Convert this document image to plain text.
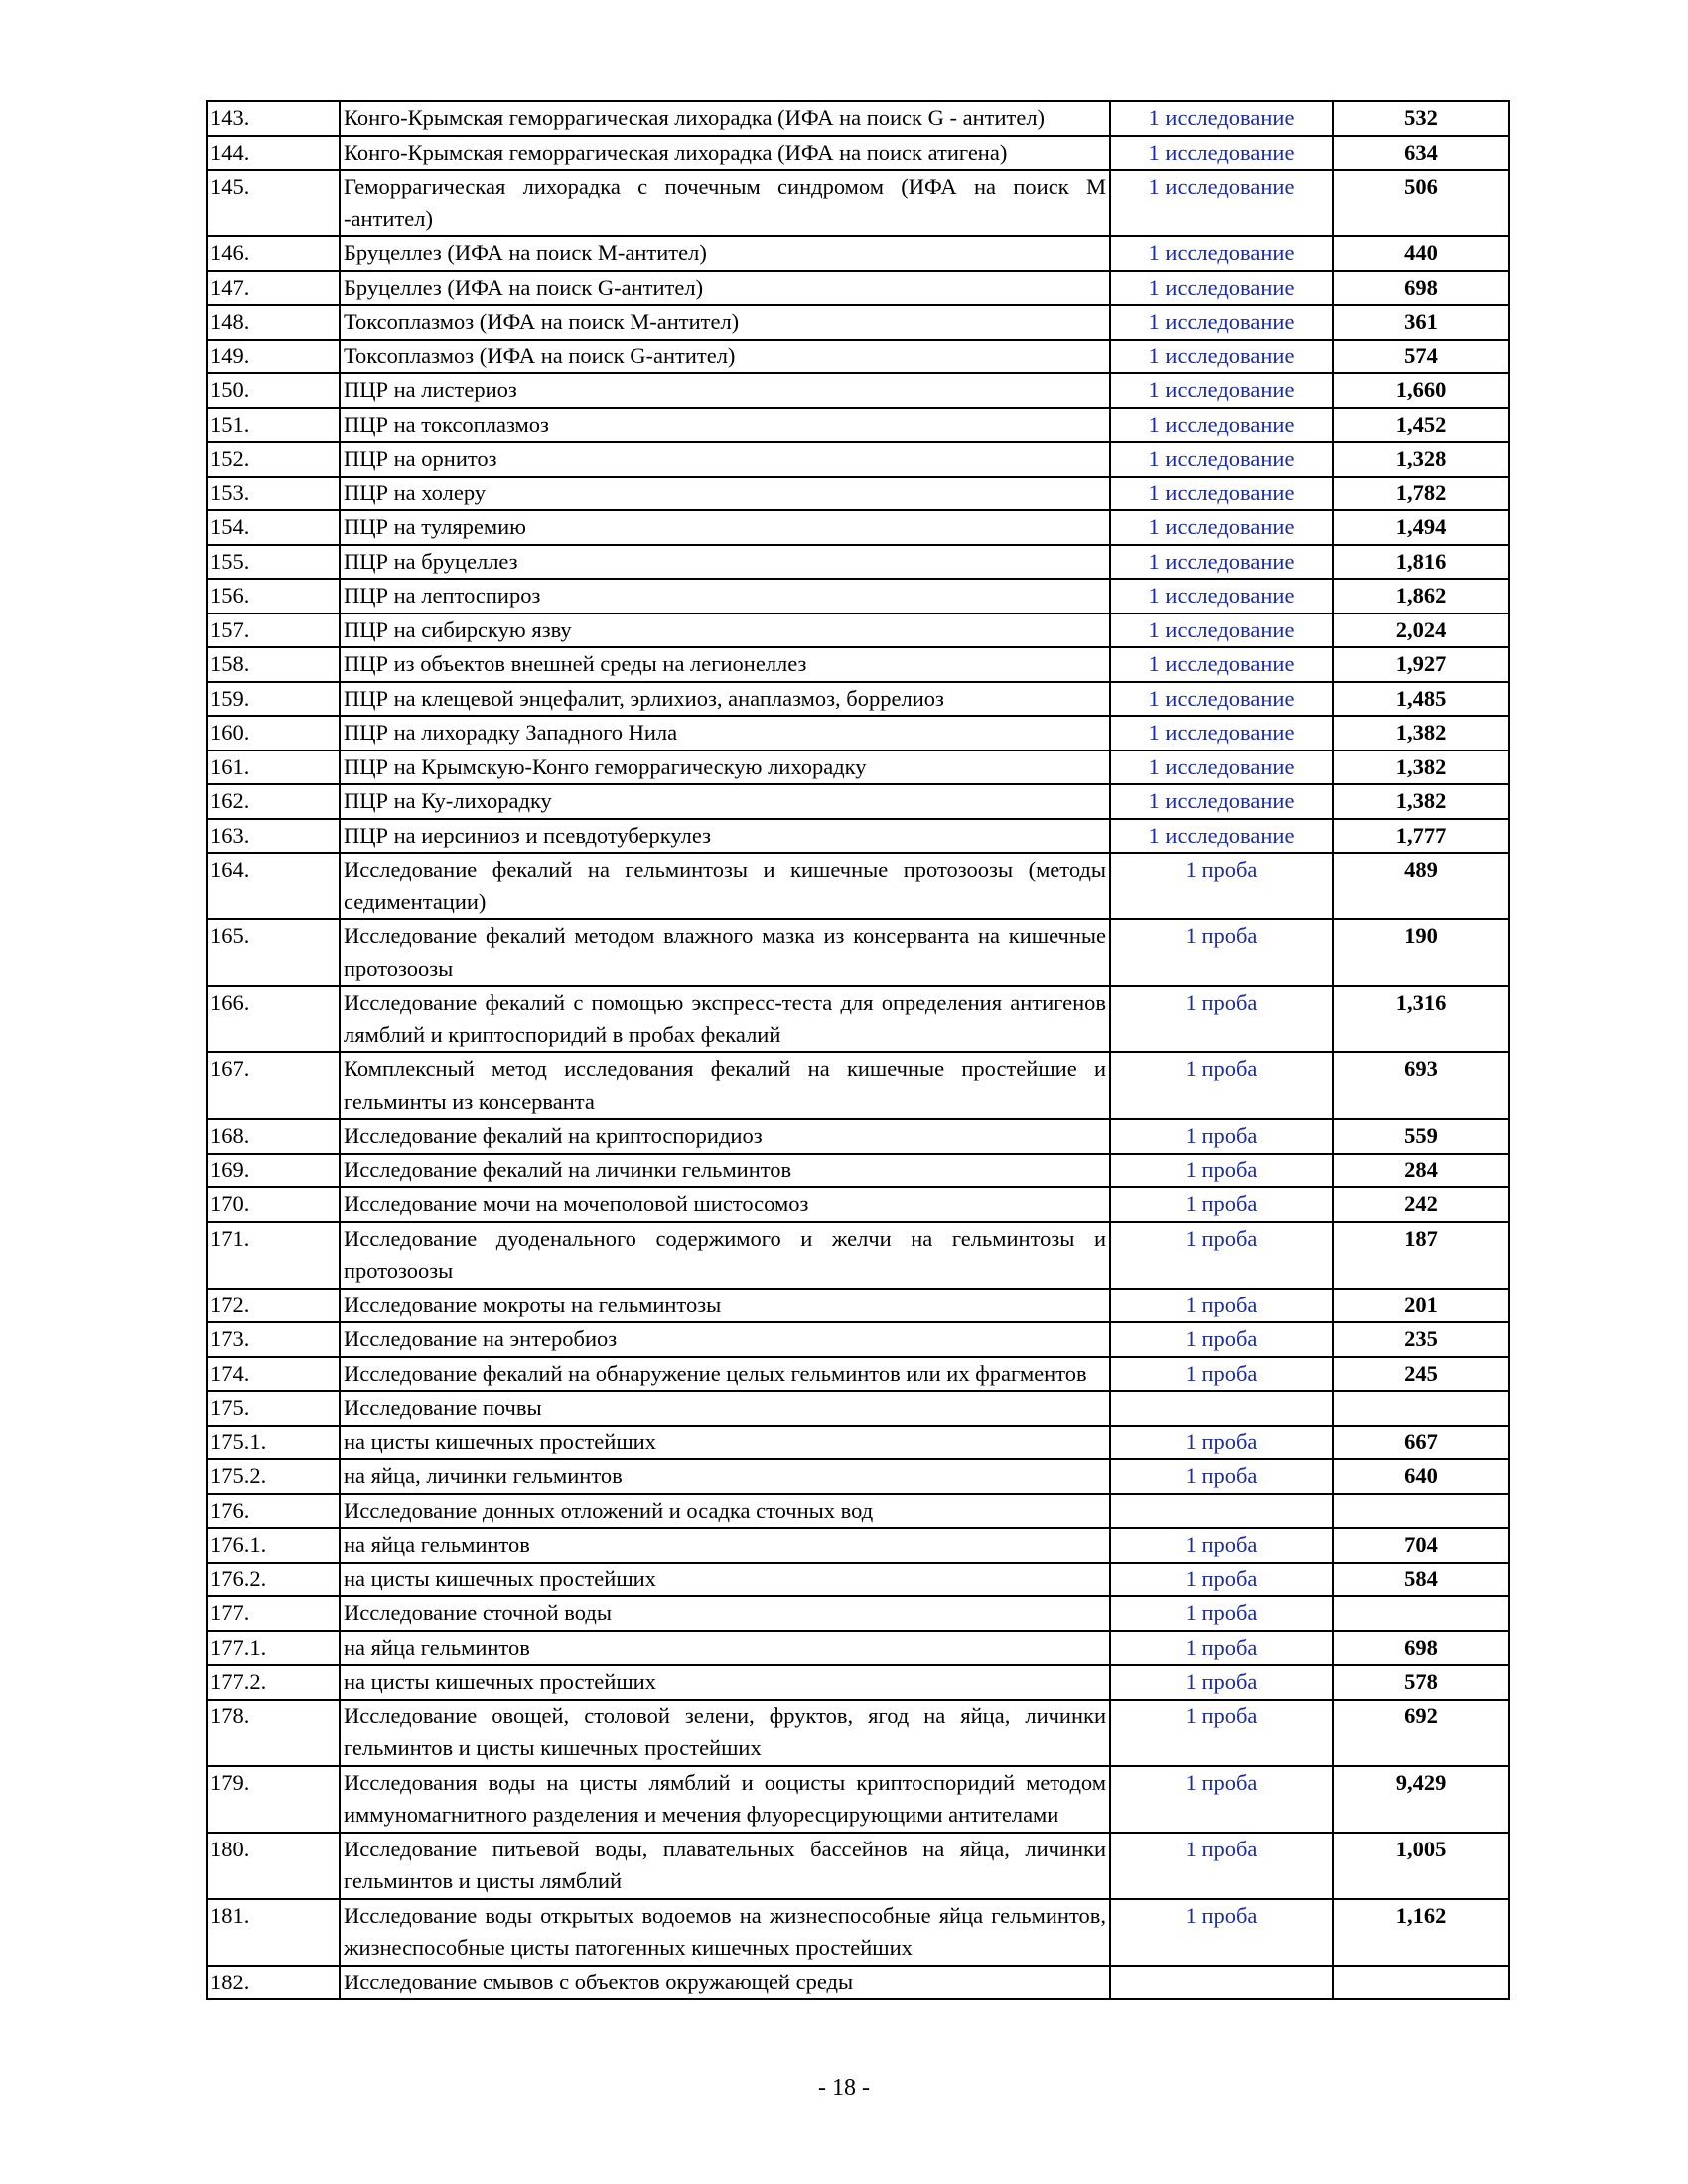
143.	Конго-Крымская геморрагическая лихорадка (ИФА на поиск G - антител)	1 исследование	532
144.	Конго-Крымская геморрагическая лихорадка (ИФА на поиск атигена)	1 исследование	634
145.	Геморрагическая лихорадка с почечным синдромом (ИФА на поиск М -антител)	1 исследование	506
146.	Бруцеллез (ИФА на поиск М-антител)	1 исследование	440
147.	Бруцеллез (ИФА на поиск G-антител)	1 исследование	698
148.	Токсоплазмоз (ИФА на поиск М-антител)	1 исследование	361
149.	Токсоплазмоз (ИФА на поиск G-антител)	1 исследование	574
150.	ПЦР на листериоз	1 исследование	1,660
151.	ПЦР на токсоплазмоз	1 исследование	1,452
152.	ПЦР на орнитоз	1 исследование	1,328
153.	ПЦР на холеру	1 исследование	1,782
154.	ПЦР на туляремию	1 исследование	1,494
155.	ПЦР на бруцеллез	1 исследование	1,816
156.	ПЦР на лептоспироз	1 исследование	1,862
157.	ПЦР на сибирскую язву	1 исследование	2,024
158.	ПЦР из объектов внешней среды на легионеллез	1 исследование	1,927
159.	ПЦР на клещевой энцефалит, эрлихиоз, анаплазмоз, боррелиоз	1 исследование	1,485
160.	ПЦР на лихорадку Западного Нила	1 исследование	1,382
161.	ПЦР на Крымскую-Конго геморрагическую лихорадку	1 исследование	1,382
162.	ПЦР на Ку-лихорадку	1 исследование	1,382
163.	ПЦР на иерсиниоз и псевдотуберкулез	1 исследование	1,777
164.	Исследование фекалий на гельминтозы и кишечные протозоозы (методы седиментации)	1 проба	489
165.	Исследование фекалий методом влажного мазка из консерванта на кишечные протозоозы	1 проба	190
166.	Исследование фекалий с помощью экспресс-теста для определения антигенов лямблий и криптоспоридий в пробах фекалий	1 проба	1,316
167.	Комплексный метод исследования фекалий на кишечные простейшие и гельминты из консерванта	1 проба	693
168.	Исследование фекалий на криптоспоридиоз	1 проба	559
169.	Исследование фекалий на личинки гельминтов	1 проба	284
170.	Исследование мочи на мочеполовой шистосомоз	1 проба	242
171.	Исследование дуоденального содержимого и желчи на гельминтозы и протозоозы	1 проба	187
172.	Исследование мокроты на гельминтозы	1 проба	201
173.	Исследование на энтеробиоз	1 проба	235
174.	Исследование фекалий на обнаружение целых гельминтов или их фрагментов	1 проба	245
175.	Исследование почвы		
175.1.	на цисты кишечных простейших	1 проба	667
175.2.	на яйца, личинки гельминтов	1 проба	640
176.	Исследование донных отложений и осадка сточных вод		
176.1.	на яйца гельминтов	1 проба	704
176.2.	на цисты кишечных простейших	1 проба	584
177.	Исследование сточной воды	1 проба	
177.1.	на яйца гельминтов	1 проба	698
177.2.	на цисты кишечных простейших	1 проба	578
178.	Исследование овощей, столовой зелени, фруктов, ягод на яйца, личинки гельминтов и цисты кишечных простейших	1 проба	692
179.	Исследования воды на цисты лямблий и ооцисты криптоспоридий методом иммуномагнитного разделения и мечения флуоресцирующими антителами	1 проба	9,429
180.	Исследование питьевой воды, плавательных бассейнов на яйца, личинки гельминтов и цисты лямблий	1 проба	1,005
181.	Исследование воды открытых водоемов на жизнеспособные яйца гельминтов, жизнеспособные цисты патогенных кишечных простейших	1 проба	1,162
182.	Исследование смывов с объектов окружающей среды		
- 18 -
